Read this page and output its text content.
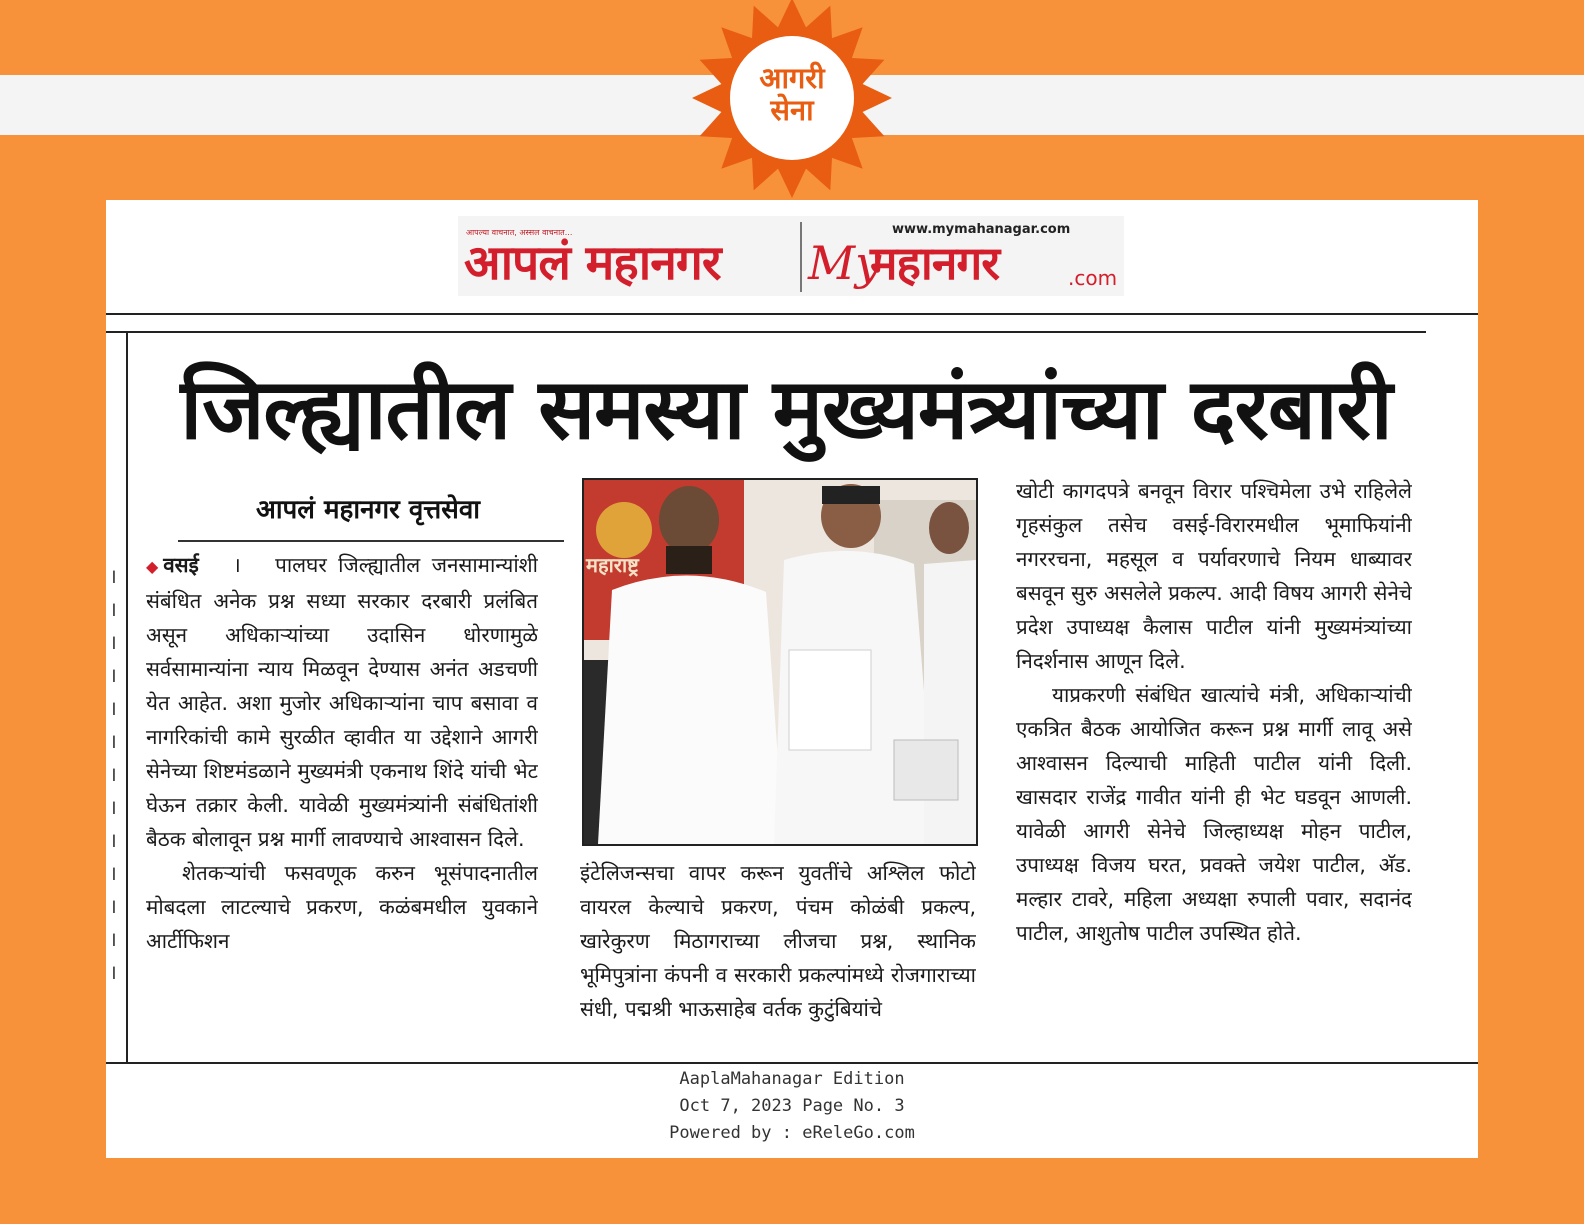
आगरी
सेना
आपल्या वाचनात, अस्सल वाचनात...
आपलं महानगर
www.mymahanagar.com
My
महानगर	.com
।
।
।
।
।
।
।
।
।
।
।
।
।
जिल्ह्यातील समस्या मुख्यमंत्र्यांच्या दरबारी
आपलं महानगर वृत्तसेवा

◆वसई । पालघर जिल्ह्यातील जनसामान्यांशी संबंधित अनेक प्रश्न सध्या सरकार दरबारी प्रलंबित असून अधिकाऱ्यांच्या उदासिन धोरणामुळे सर्वसामान्यांना न्याय मिळवून देण्यास अनंत अडचणी येत आहेत. अशा मुजोर अधिकाऱ्यांना चाप बसावा व नागरिकांची कामे सुरळीत व्हावीत या उद्देशाने आगरी सेनेच्या शिष्टमंडळाने मुख्यमंत्री एकनाथ शिंदे यांची भेट घेऊन तक्रार केली. यावेळी मुख्यमंत्र्यांनी संबंधितांशी बैठक बोलावून प्रश्न मार्गी लावण्याचे आश्वासन दिले.

शेतकऱ्यांची फसवणूक करुन भूसंपादनातील मोबदला लाटल्याचे प्रकरण, कळंबमधील युवकाने आर्टीफिशन

महाराष्ट्र

इंटेलिजन्सचा वापर करून युवतींचे अश्लिल फोटो वायरल केल्याचे प्रकरण, पंचम कोळंबी प्रकल्प, खारेकुरण मिठागराच्या लीजचा प्रश्न, स्थानिक भूमिपुत्रांना कंपनी व सरकारी प्रकल्पांमध्ये रोजगाराच्या संधी, पद्मश्री भाऊसाहेब वर्तक कुटुंबियांचे

खोटी कागदपत्रे बनवून विरार पश्चिमेला उभे राहिलेले गृहसंकुल तसेच वसई-विरारमधील भूमाफियांनी नगररचना, महसूल व पर्यावरणाचे नियम धाब्यावर बसवून सुरु असलेले प्रकल्प. आदी विषय आगरी सेनेचे प्रदेश उपाध्यक्ष कैलास पाटील यांनी मुख्यमंत्र्यांच्या निदर्शनास आणून दिले.

याप्रकरणी संबंधित खात्यांचे मंत्री, अधिकाऱ्यांची एकत्रित बैठक आयोजित करून प्रश्न मार्गी लावू असे आश्वासन दिल्याची माहिती पाटील यांनी दिली. खासदार राजेंद्र गावीत यांनी ही भेट घडवून आणली. यावेळी आगरी सेनेचे जिल्हाध्यक्ष मोहन पाटील, उपाध्यक्ष विजय घरत, प्रवक्ते जयेश पाटील, अ‍ॅड. मल्हार टावरे, महिला अध्यक्षा रुपाली पवार, सदानंद पाटील, आशुतोष पाटील उपस्थित होते.

AaplaMahanagar Edition
Oct 7, 2023 Page No. 3
Powered by : eReleGo.com
